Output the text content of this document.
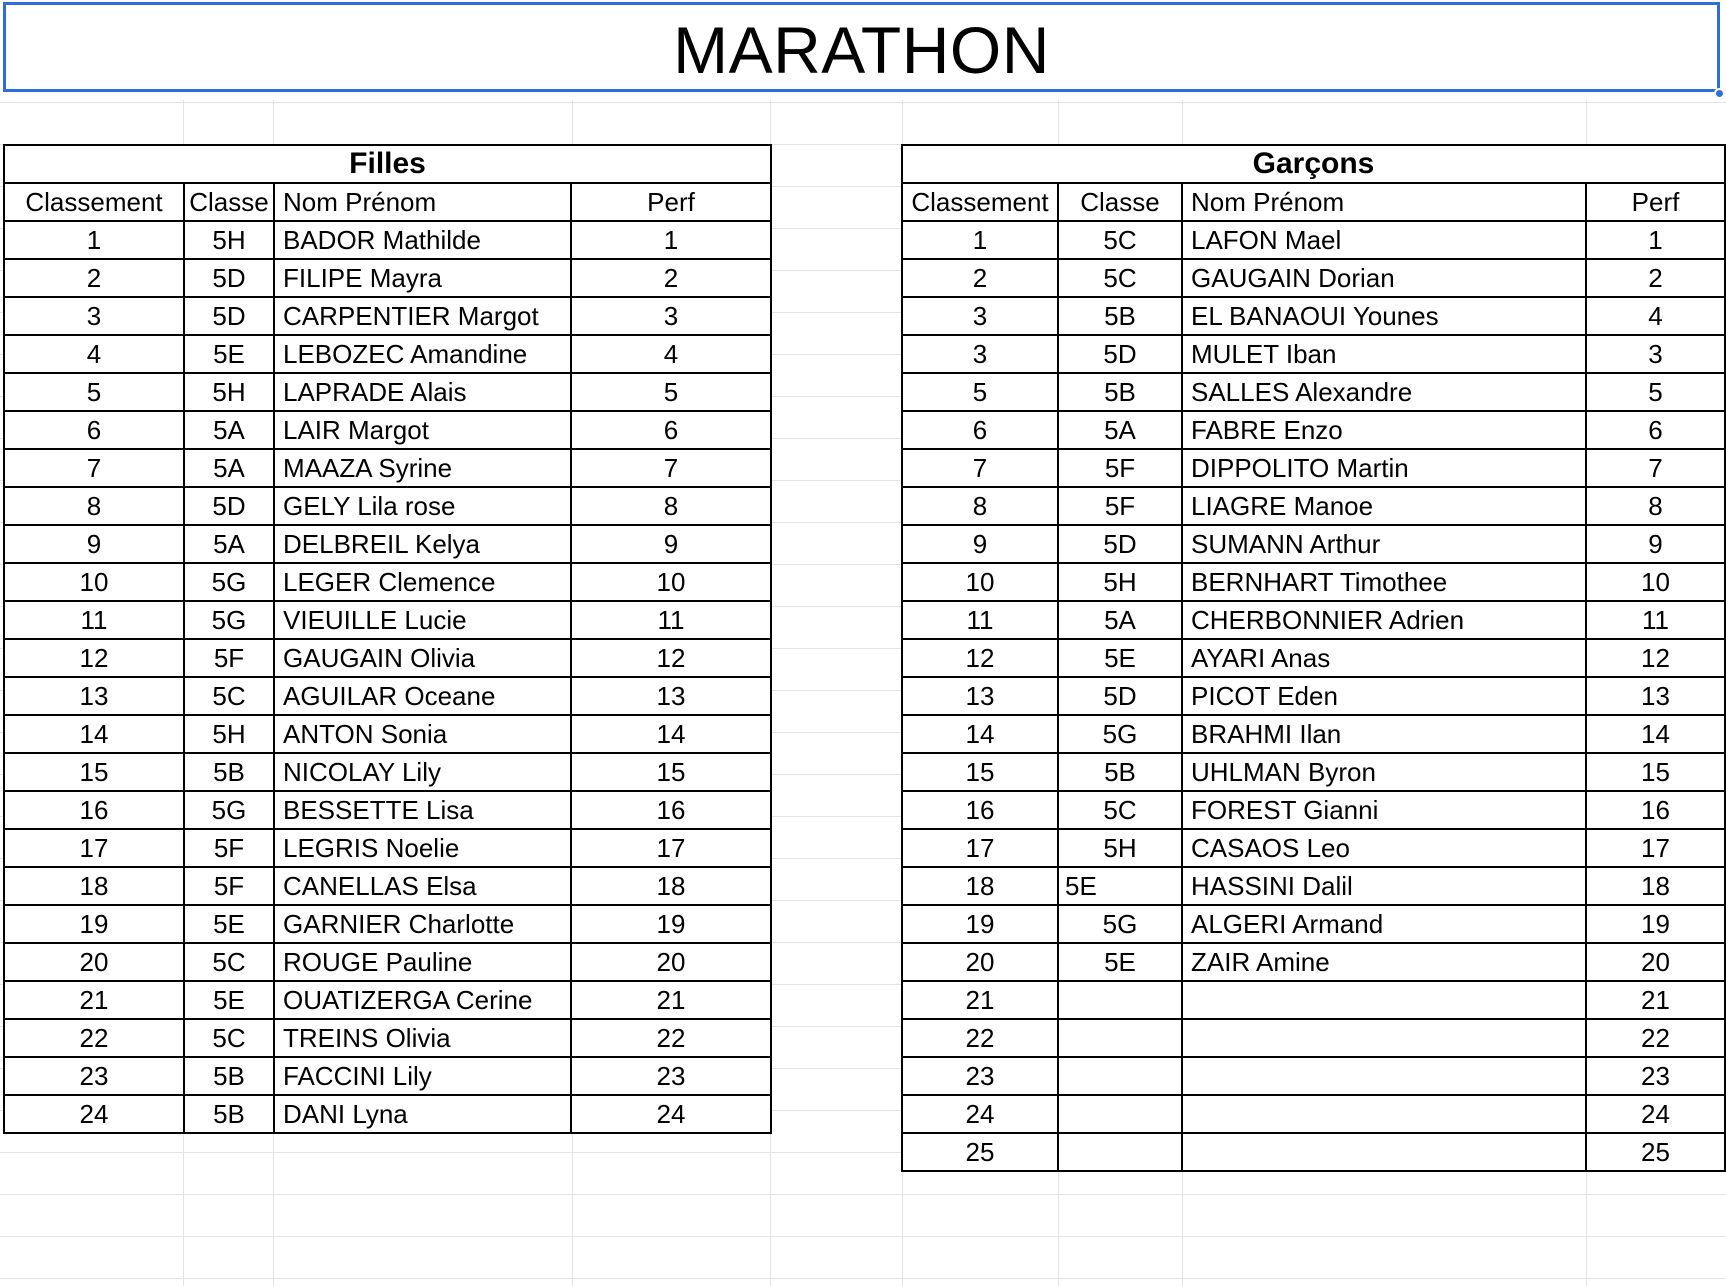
MARATHON
Filles			
Classement	Classe	Nom Prénom	Perf
1	5H	BADOR Mathilde	1
2	5D	FILIPE Mayra	2
3	5D	CARPENTIER Margot	3
4	5E	LEBOZEC Amandine	4
5	5H	LAPRADE Alais	5
6	5A	LAIR Margot	6
7	5A	MAAZA Syrine	7
8	5D	GELY Lila rose	8
9	5A	DELBREIL Kelya	9
10	5G	LEGER Clemence	10
11	5G	VIEUILLE Lucie	11
12	5F	GAUGAIN Olivia	12
13	5C	AGUILAR Oceane	13
14	5H	ANTON Sonia	14
15	5B	NICOLAY Lily	15
16	5G	BESSETTE Lisa	16
17	5F	LEGRIS Noelie	17
18	5F	CANELLAS Elsa	18
19	5E	GARNIER Charlotte	19
20	5C	ROUGE Pauline	20
21	5E	OUATIZERGA Cerine	21
22	5C	TREINS Olivia	22
23	5B	FACCINI Lily	23
24	5B	DANI Lyna	24
Garçons			
Classement	Classe	Nom Prénom	Perf
1	5C	LAFON Mael	1
2	5C	GAUGAIN Dorian	2
3	5B	EL BANAOUI Younes	4
3	5D	MULET Iban	3
5	5B	SALLES Alexandre	5
6	5A	FABRE Enzo	6
7	5F	DIPPOLITO Martin	7
8	5F	LIAGRE Manoe	8
9	5D	SUMANN Arthur	9
10	5H	BERNHART Timothee	10
11	5A	CHERBONNIER Adrien	11
12	5E	AYARI Anas	12
13	5D	PICOT Eden	13
14	5G	BRAHMI Ilan	14
15	5B	UHLMAN Byron	15
16	5C	FOREST Gianni	16
17	5H	CASAOS Leo	17
18	5E	HASSINI Dalil	18
19	5G	ALGERI Armand	19
20	5E	ZAIR Amine	20
21			21
22			22
23			23
24			24
25			25
